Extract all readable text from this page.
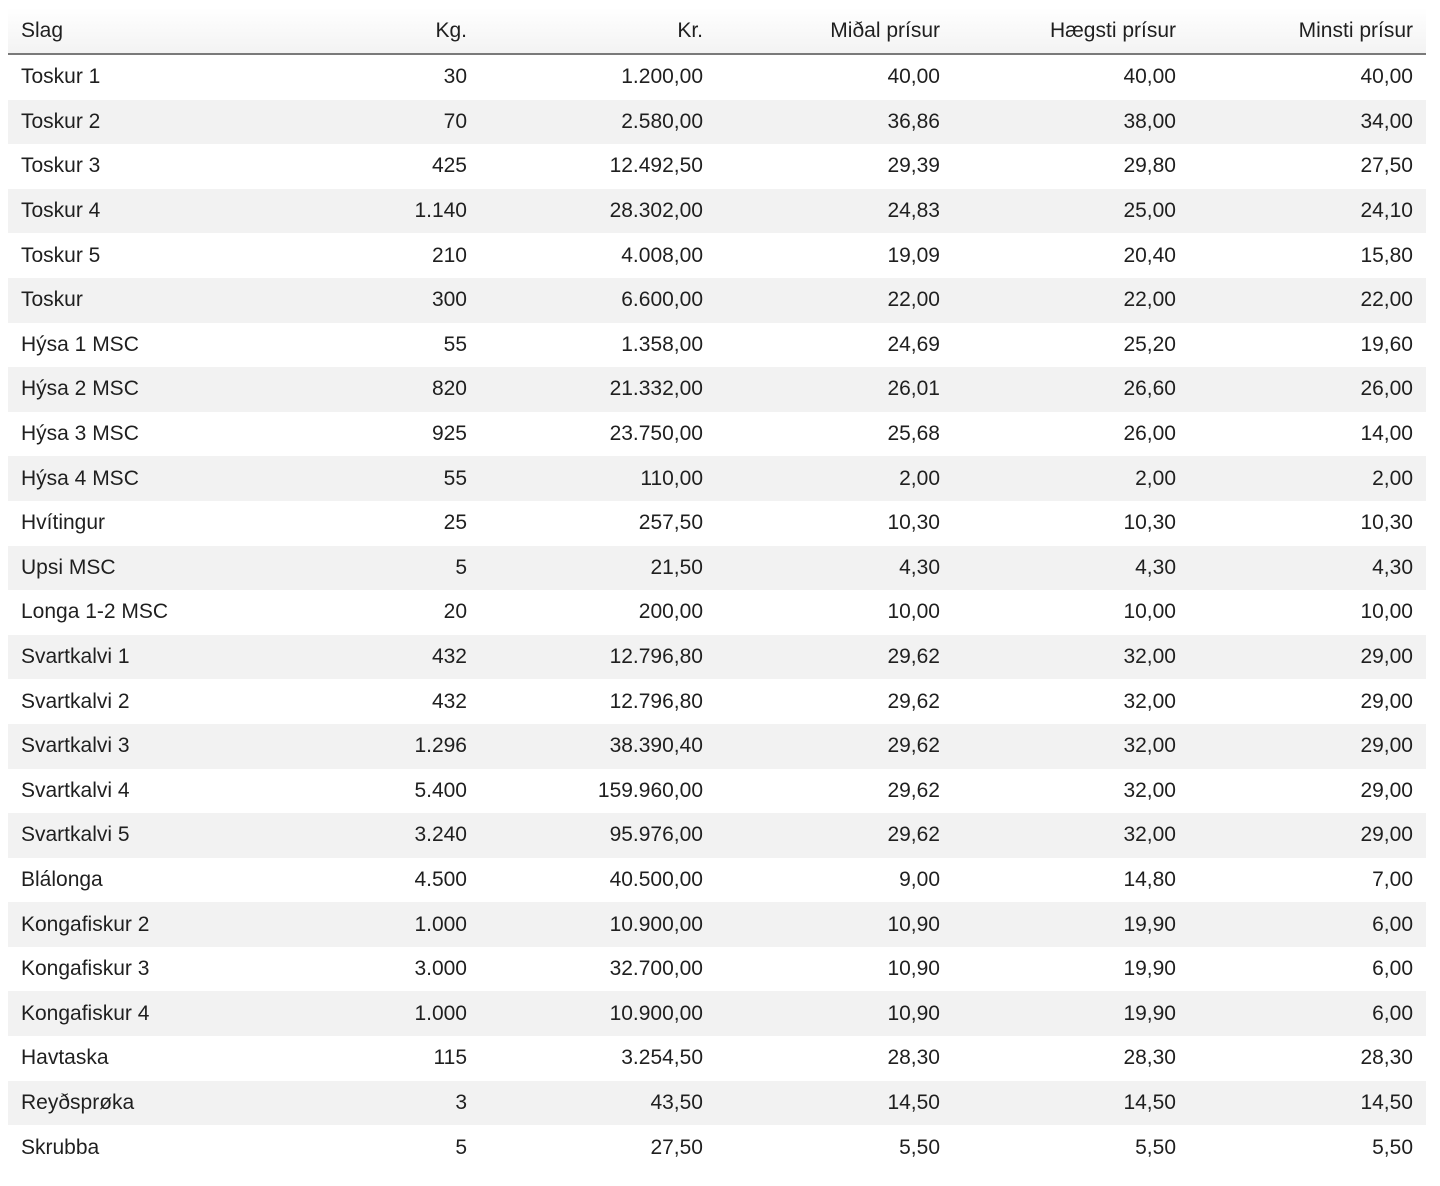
Slag	Kg.	Kr.	Miðal prísur	Hægsti prísur	Minsti prísur
Toskur 1	30	1.200,00	40,00	40,00	40,00
Toskur 2	70	2.580,00	36,86	38,00	34,00
Toskur 3	425	12.492,50	29,39	29,80	27,50
Toskur 4	1.140	28.302,00	24,83	25,00	24,10
Toskur 5	210	4.008,00	19,09	20,40	15,80
Toskur	300	6.600,00	22,00	22,00	22,00
Hýsa 1 MSC	55	1.358,00	24,69	25,20	19,60
Hýsa 2 MSC	820	21.332,00	26,01	26,60	26,00
Hýsa 3 MSC	925	23.750,00	25,68	26,00	14,00
Hýsa 4 MSC	55	110,00	2,00	2,00	2,00
Hvítingur	25	257,50	10,30	10,30	10,30
Upsi MSC	5	21,50	4,30	4,30	4,30
Longa 1-2 MSC	20	200,00	10,00	10,00	10,00
Svartkalvi 1	432	12.796,80	29,62	32,00	29,00
Svartkalvi 2	432	12.796,80	29,62	32,00	29,00
Svartkalvi 3	1.296	38.390,40	29,62	32,00	29,00
Svartkalvi 4	5.400	159.960,00	29,62	32,00	29,00
Svartkalvi 5	3.240	95.976,00	29,62	32,00	29,00
Blálonga	4.500	40.500,00	9,00	14,80	7,00
Kongafiskur 2	1.000	10.900,00	10,90	19,90	6,00
Kongafiskur 3	3.000	32.700,00	10,90	19,90	6,00
Kongafiskur 4	1.000	10.900,00	10,90	19,90	6,00
Havtaska	115	3.254,50	28,30	28,30	28,30
Reyðsprøka	3	43,50	14,50	14,50	14,50
Skrubba	5	27,50	5,50	5,50	5,50
